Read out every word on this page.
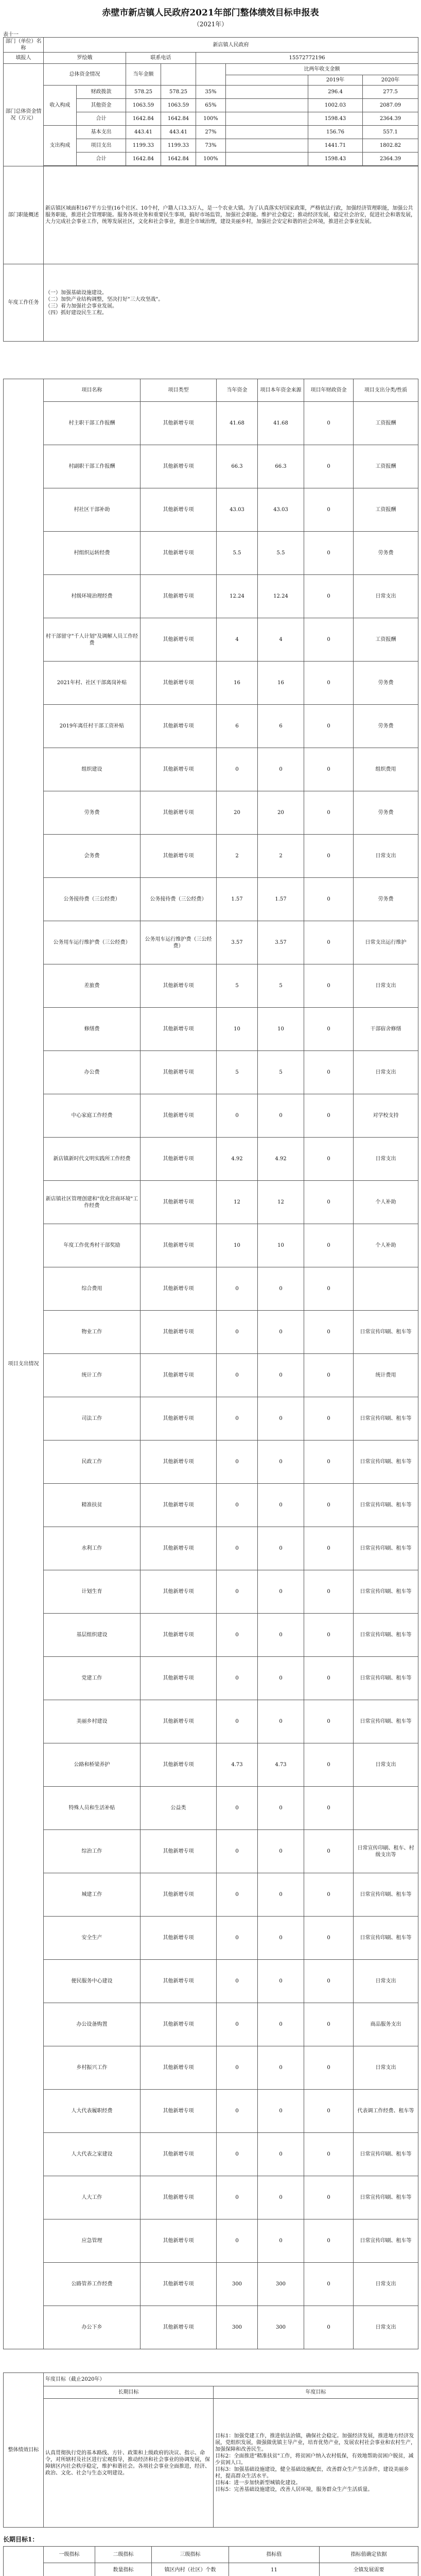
赤壁市新店镇人民政府2021年部门整体绩效目标申报表
（2021年）
表十一
部门（单位）名称	新店镇人民政府							
填报人	罗绘娥		联系电话		15572772196			
部门总体资金情况（万元）	总体资金情况		当年金额			比两年收支金额		
							2019年	2020年
	收入构成	财政拨款	578.25	578.25	35%		296.4	277.5
		其他资金	1063.59	1063.59	65%		1002.03	2087.09
		合计	1642.84	1642.84	100%		1598.43	2364.39
	支出构成	基本支出	443.41	443.41	27%		156.76	557.1
		项目支出	1199.33	1199.33	73%		1441.71	1802.82
		合计	1642.84	1642.84	100%		1598.43	2364.39

部门职能概述	新店镇区域面积167平方公里(16个社区、10个村，户籍人口3.3万人，是一个农业大镇。为了认真落实好国家政策，严格依法行政，加强经济管理职能，加强公共服务职能，推进社会管理职能。服务各项业务和重要民生事项，搞好市场监管，加强社会职能。维护社会稳定；推动经济发展，稳定社会治安，促进社会和谐发展，大力完成社会事业工作，统筹发展社区，文化和社会事业，推进全市域治理，建设美丽乡村，加强社会安定和谐的社会环境，推进社会事业发展。							
年度工作任务	（一）加强基础设施建设。
（二）加快产业结构调整，坚决打好"三大攻坚战"。
（三）着力加强社会事业发展。
（四）抓好建设民生工程。							
项目支出情况	项目名称	项目类型	当年资金	项目本年资金来源	项目年财政资金	项目支出分类/性质
	村主职干部工作报酬	其他新增专项	41.68	41.68	0	工资报酬
	村副职干部工作报酬	其他新增专项	66.3	66.3	0	工资报酬
	村社区干部补助	其他新增专项	43.03	43.03	0	工资报酬
	村组织运转经费	其他新增专项	5.5	5.5	0	劳务费
	村级环境治理经费	其他新增专项	12.24	12.24	0	日常支出
	村干部留守"千人计划"及调解人员工作经费	其他新增专项	4	4	0	工资报酬
	2021年村、社区干部离岗补贴	其他新增专项	16	16	0	劳务费
	2019年离任村干部工资补贴	其他新增专项	6	6	0	劳务费
	组织建设	其他新增专项	0	0	0	组织费用
	劳务费	其他新增专项	20	20	0	劳务费
	会务费	其他新增专项	2	2	0	日常支出
	公务接待费（三公经费）	公务接待费（三公经费）	1.57	1.57	0	劳务费
	公务用车运行维护费（三公经费）	公务用车运行维护费（三公经费）	3.57	3.57	0	日常支出运行维护
	差旅费	其他新增专项	5	5	0	日常支出
	修缮费	其他新增专项	10	10	0	干部宿舍修缮
	办公费	其他新增专项	5	5	0	日常支出
	中心家庭工作经费	其他新增专项	0	0	0	对学校支持
	新店镇新时代文明实践所工作经费	其他新增专项	4.92	4.92	0	日常支出
	新店镇社区管理创建和"优化营商环境"工作经费	其他新增专项	12	12	0	个人补助
	年度工作优秀村干部奖励	其他新增专项	10	10	0	个人补助
	综合费用	其他新增专项	0	0	0	
	物业工作	其他新增专项	0	0	0	日常宣传印刷、租车等
	统计工作	其他新增专项	0	0	0	统计费用
	司法工作	其他新增专项	0	0	0	日常宣传印刷、租车等
	民政工作	其他新增专项	0	0	0	日常宣传印刷、租车等
	精准扶贫	其他新增专项	0	0	0	日常宣传印刷、租车等
	水利工作	其他新增专项	0	0	0	日常宣传印刷、租车等
	计划生育	其他新增专项	0	0	0	日常宣传印刷、租车等
	基层组织建设	其他新增专项	0	0	0	日常宣传印刷、租车等
	党建工作	其他新增专项	0	0	0	日常宣传印刷、租车等
	美丽乡村建设	其他新增专项	0	0	0	日常宣传印刷、租车等
	公路和桥梁养护	其他新增专项	4.73	4.73	0	日常支出
	特殊人员和生活补贴	公益类	0	0	0	
	综治工作	其他新增专项	0	0	0	日常宣传印刷、租车、村级支出等
	城建工作	其他新增专项	0	0	0	日常宣传印刷、租车等
	安全生产	其他新增专项	0	0	0	日常宣传印刷、租车等
	便民服务中心建设	其他新增专项	0	0	0	日常支出
	办公设备购置	其他新增专项	0	0	0	商品服务支出
	乡村振兴工作	其他新增专项	0	0	0	日常支出
	人大代表履职经费	其他新增专项	0	0	0	代表调工作经费、租车等
	人大代表之家建设	其他新增专项	0	0	0	日常宣传印刷、租车等
	人大工作	其他新增专项	0	0	0	日常宣传印刷、租车等
	应急管理	其他新增专项	0	0	0	日常宣传印刷、租车等
	公路管养工作经费	其他新增专项	300	300	0	日常支出
	办公下乡	其他新增专项	300	300	0	日常支出
整体绩效目标	年度目标（截止2020年）	
	长期目标	年度目标
	认真贯彻执行党的基本路线、方针、政策和上级政府的决议、指示、命令，对所辖村及社区进行宏观指导，推动经济和社会事业的协调发展，保障辖区内社会秩序稳定，维护和谐社会。各项社会事业全面推进，经济、政治、文化、社会与生态文明建设。	目标1：加强党建工作，推进依法治镇，确保社会稳定。加强经济发展，推进地方经济发展，党组织发展，做强做优镇主导产业，培育优势产业，发展农村社会事业和农村生产，加强保障和改善民生。
目标2：全面推进"精准扶贫"工作，将贫困户纳入农村低保，有效地帮助贫困户脱贫，减少贫困人口。
目标3：加强基础设施建设，健全基础设施配套，改善群众生产生活条件，建设美丽乡村，提高群众生活水平。
目标4：进一步加快新型城镇化建设。
目标5：完善基础设施建设，改善人居环境，服务群众生产生活质量。
长期目标1：
	一级指标	二级指标	三级指标	指标值	指标值确定依据
	数量指标	镇区内村（社区）个数	11	全镇发展需要
